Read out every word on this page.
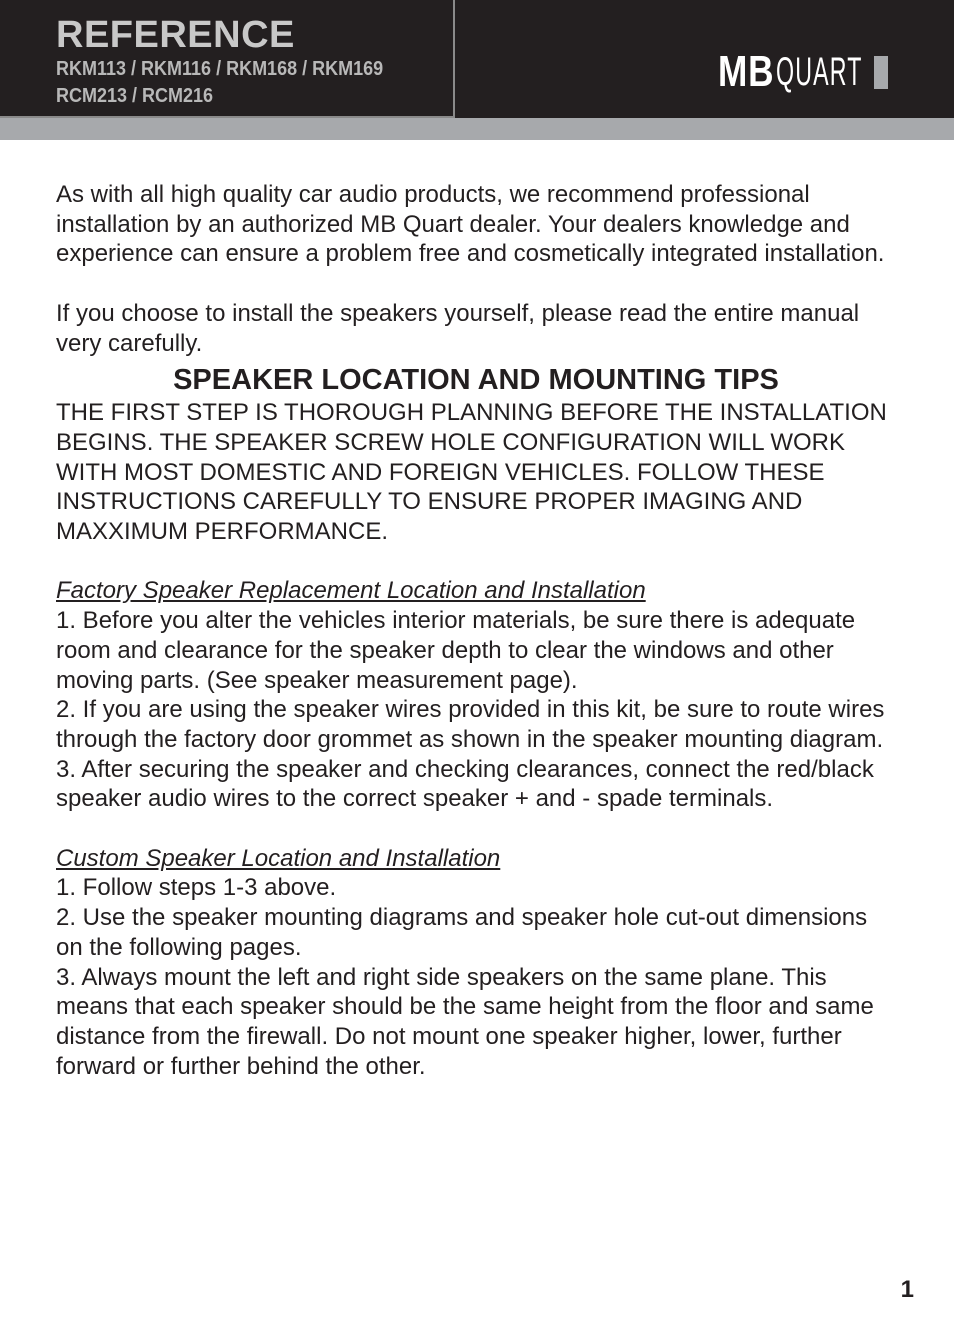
REFERENCE
RKM113 / RKM116 / RKM168 / RKM169
RCM213 / RCM216	MB QUART

As with all high quality car audio products, we recommend professional installation by an authorized MB Quart dealer. Your dealers knowledge and experience can ensure a problem free and cosmetically integrated installation.

If you choose to install the speakers yourself, please read the entire manual very carefully.

SPEAKER LOCATION AND MOUNTING TIPS

THE FIRST STEP IS THOROUGH PLANNING BEFORE THE INSTALLATION BEGINS. THE SPEAKER SCREW HOLE CONFIGURATION WILL WORK WITH MOST DOMESTIC AND FOREIGN VEHICLES. FOLLOW THESE INSTRUCTIONS CAREFULLY TO ENSURE PROPER IMAGING AND MAXXIMUM PERFORMANCE.

Factory Speaker Replacement Location and Installation

1. Before you alter the vehicles interior materials, be sure there is adequate room and clearance for the speaker depth to clear the windows and other moving parts. (See speaker measurement page).

2. If you are using the speaker wires provided in this kit, be sure to route wires through the factory door grommet as shown in the speaker mounting diagram.

3. After securing the speaker and checking clearances, connect the red/black speaker audio wires to the correct speaker + and - spade terminals.

Custom Speaker Location and Installation

1. Follow steps 1-3 above.

2. Use the speaker mounting diagrams and speaker hole cut-out dimensions on the following pages.

3. Always mount the left and right side speakers on the same plane. This means that each speaker should be the same height from the floor and same distance from the firewall. Do not mount one speaker higher, lower, further forward or further behind the other.

1
